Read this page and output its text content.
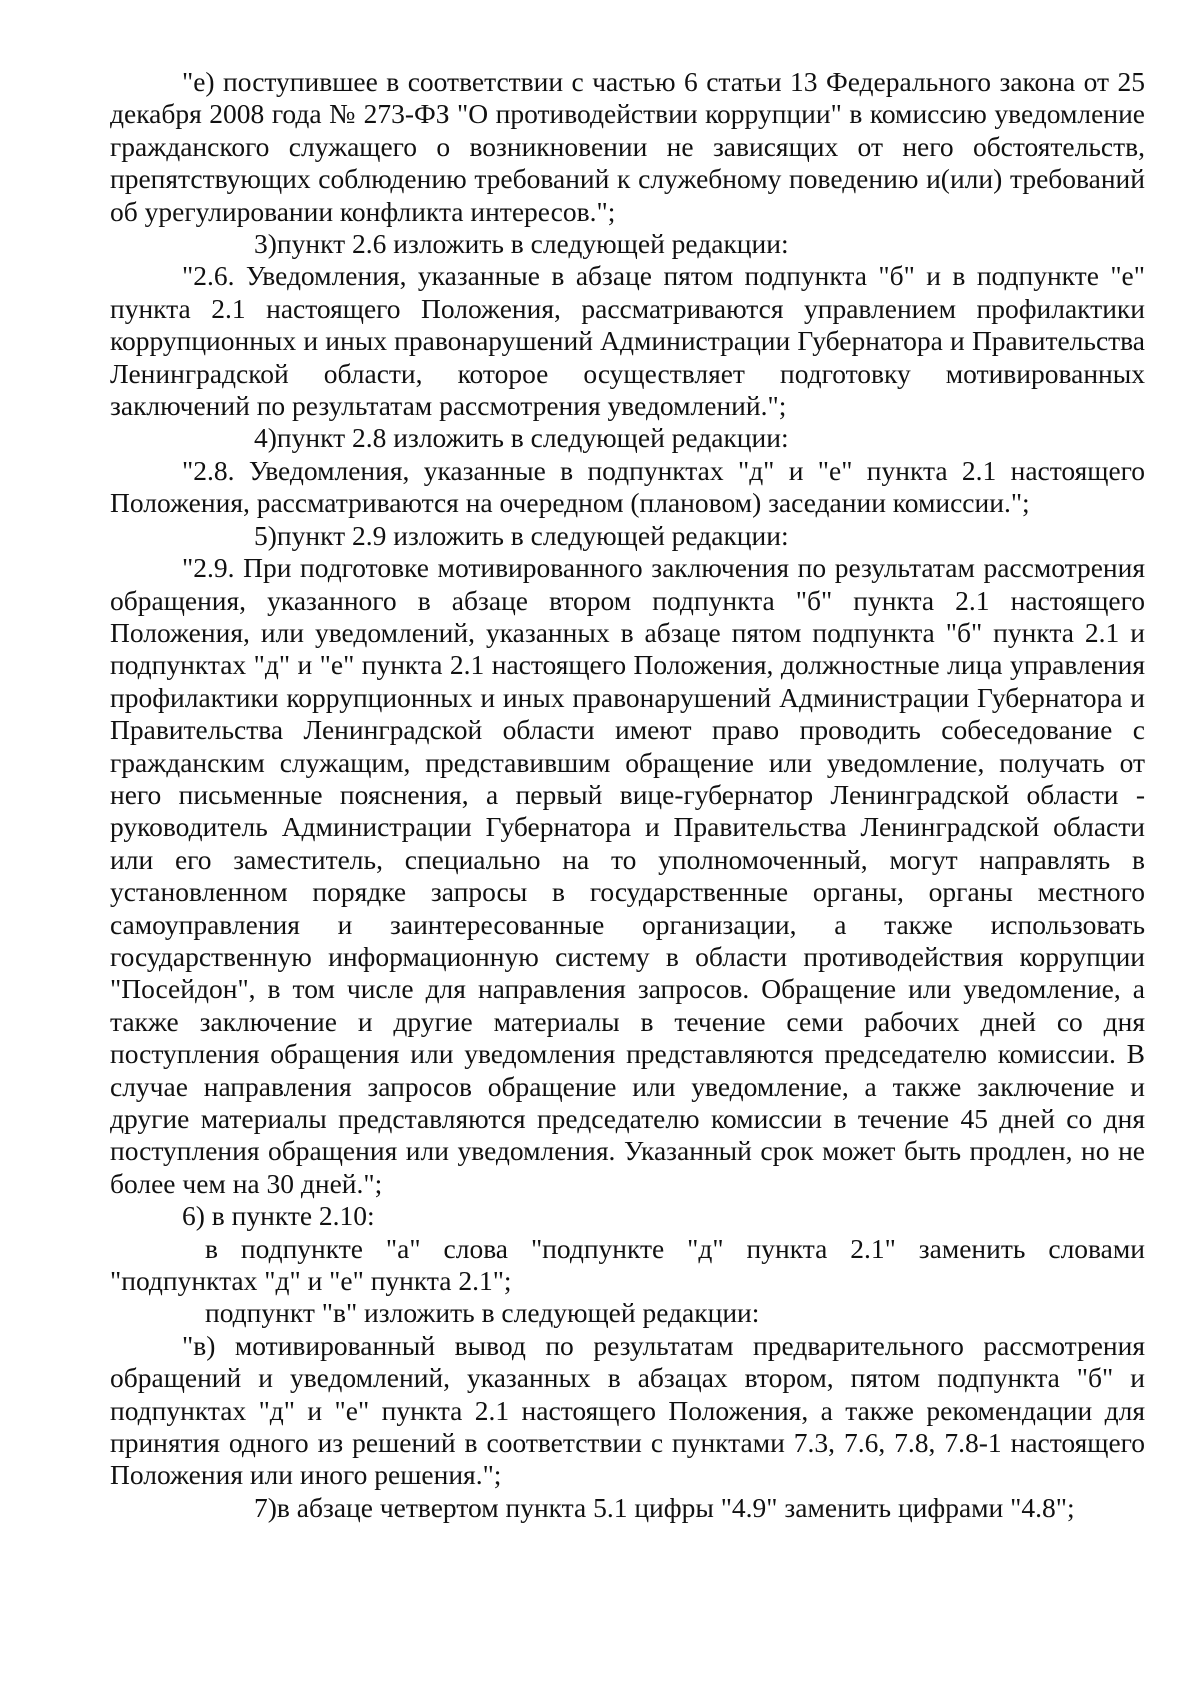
"е) поступившее в соответствии с частью 6 статьи 13 Федерального закона от 25 декабря 2008 года № 273-ФЗ "О противодействии коррупции" в комиссию уведомление гражданского служащего о возникновении не зависящих от него обстоятельств, препятствующих соблюдению требований к служебному поведению и(или) требований об урегулировании конфликта интересов.";

3)пункт 2.6 изложить в следующей редакции:

"2.6. Уведомления, указанные в абзаце пятом подпункта "б" и в подпункте "е" пункта 2.1 настоящего Положения, рассматриваются управлением профилактики коррупционных и иных правонарушений Администрации Губернатора и Правительства Ленинградской области, которое осуществляет подготовку мотивированных заключений по результатам рассмотрения уведомлений.";

4)пункт 2.8 изложить в следующей редакции:

"2.8. Уведомления, указанные в подпунктах "д" и "е" пункта 2.1 настоящего Положения, рассматриваются на очередном (плановом) заседании комиссии.";

5)пункт 2.9 изложить в следующей редакции:

"2.9. При подготовке мотивированного заключения по результатам рассмотрения обращения, указанного в абзаце втором подпункта "б" пункта 2.1 настоящего Положения, или уведомлений, указанных в абзаце пятом подпункта "б" пункта 2.1 и подпунктах "д" и "е" пункта 2.1 настоящего Положения, должностные лица управления профилактики коррупционных и иных правонарушений Администрации Губернатора и Правительства Ленинградской области имеют право проводить собеседование с гражданским служащим, представившим обращение или уведомление, получать от него письменные пояснения, а первый вице-губернатор Ленинградской области - руководитель Администрации Губернатора и Правительства Ленинградской области или его заместитель, специально на то уполномоченный, могут направлять в установленном порядке запросы в государственные органы, органы местного самоуправления и заинтересованные организации, а также использовать государственную информационную систему в области противодействия коррупции "Посейдон", в том числе для направления запросов. Обращение или уведомление, а также заключение и другие материалы в течение семи рабочих дней со дня поступления обращения или уведомления представляются председателю комиссии. В случае направления запросов обращение или уведомление, а также заключение и другие материалы представляются председателю комиссии в течение 45 дней со дня поступления обращения или уведомления. Указанный срок может быть продлен, но не более чем на 30 дней.";

6) в пункте 2.10:

в подпункте "а" слова "подпункте "д" пункта 2.1" заменить словами "подпунктах "д" и "е" пункта 2.1";

подпункт "в" изложить в следующей редакции:

"в) мотивированный вывод по результатам предварительного рассмотрения обращений и уведомлений, указанных в абзацах втором, пятом подпункта "б" и подпунктах "д" и "е" пункта 2.1 настоящего Положения, а также рекомендации для принятия одного из решений в соответствии с пунктами 7.3, 7.6, 7.8, 7.8-1 настоящего Положения или иного решения.";

7)в абзаце четвертом пункта 5.1 цифры "4.9" заменить цифрами "4.8";
